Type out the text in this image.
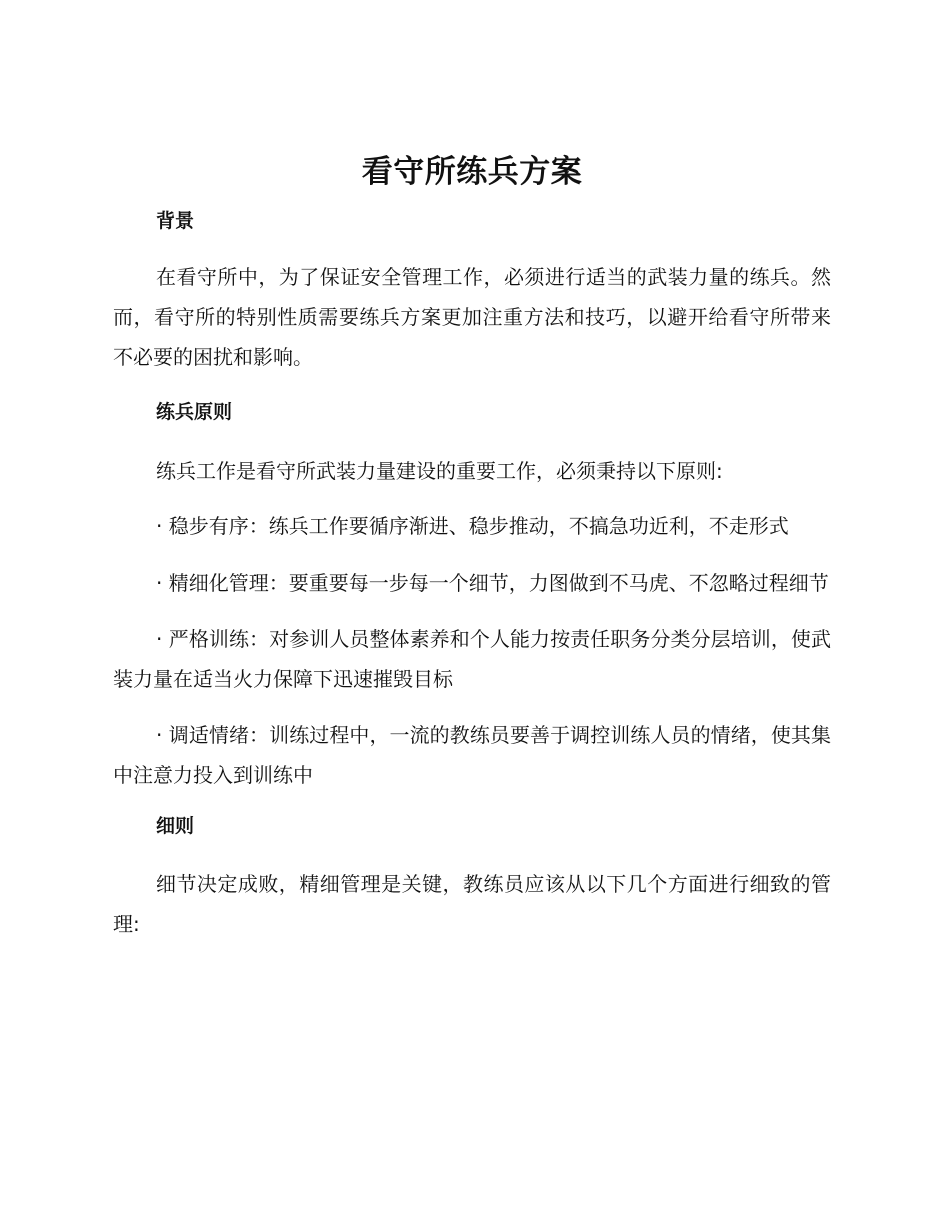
看守所练兵方案
背景

在看守所中，为了保证安全管理工作，必须进行适当的武装力量的练兵。然而，看守所的特别性质需要练兵方案更加注重方法和技巧，以避开给看守所带来不必要的困扰和影响。

练兵原则

练兵工作是看守所武装力量建设的重要工作，必须秉持以下原则:

· 稳步有序：练兵工作要循序渐进、稳步推动，不搞急功近利，不走形式

· 精细化管理：要重要每一步每一个细节，力图做到不马虎、不忽略过程细节

· 严格训练：对参训人员整体素养和个人能力按责任职务分类分层培训，使武装力量在适当火力保障下迅速摧毁目标

· 调适情绪：训练过程中，一流的教练员要善于调控训练人员的情绪，使其集中注意力投入到训练中

细则

细节决定成败，精细管理是关键，教练员应该从以下几个方面进行细致的管理:
